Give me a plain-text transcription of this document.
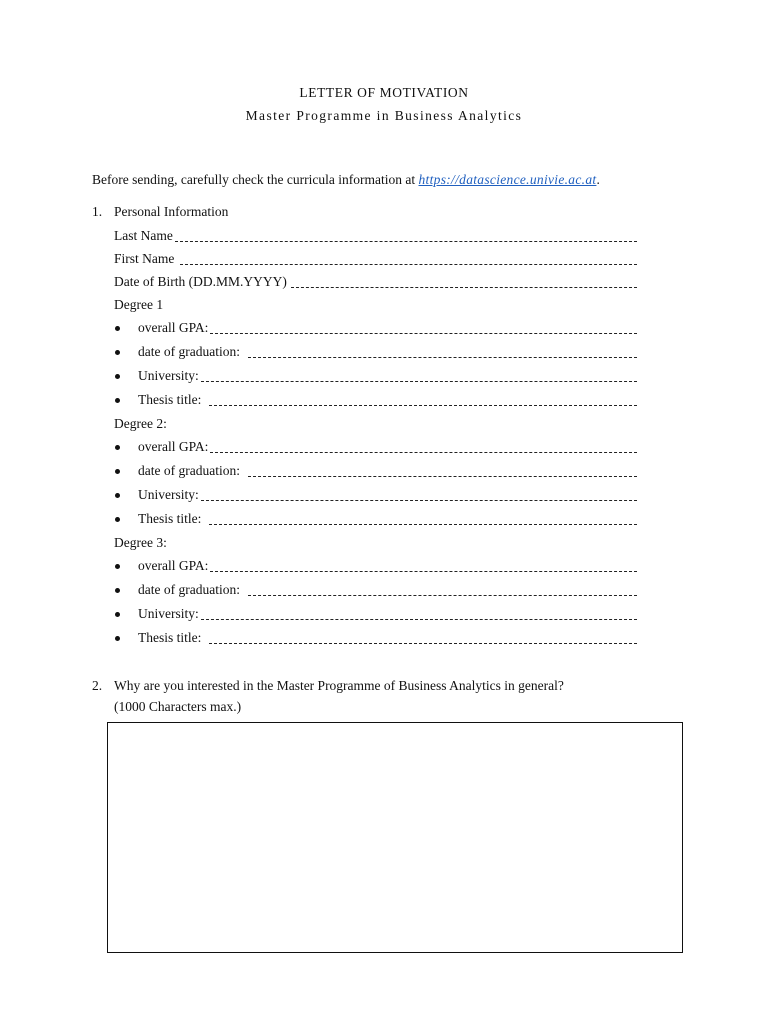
LETTER OF MOTIVATION
Master Programme in Business Analytics
Before sending, carefully check the curricula information at https://datascience.univie.ac.at.
1. Personal Information
Last Name
First Name
Date of Birth (DD.MM.YYYY)
Degree 1
overall GPA:
date of graduation:
University:
Thesis title:
Degree 2:
overall GPA:
date of graduation:
University:
Thesis title:
Degree 3:
overall GPA:
date of graduation:
University:
Thesis title:
2. Why are you interested in the Master Programme of Business Analytics in general?
(1000 Characters max.)
